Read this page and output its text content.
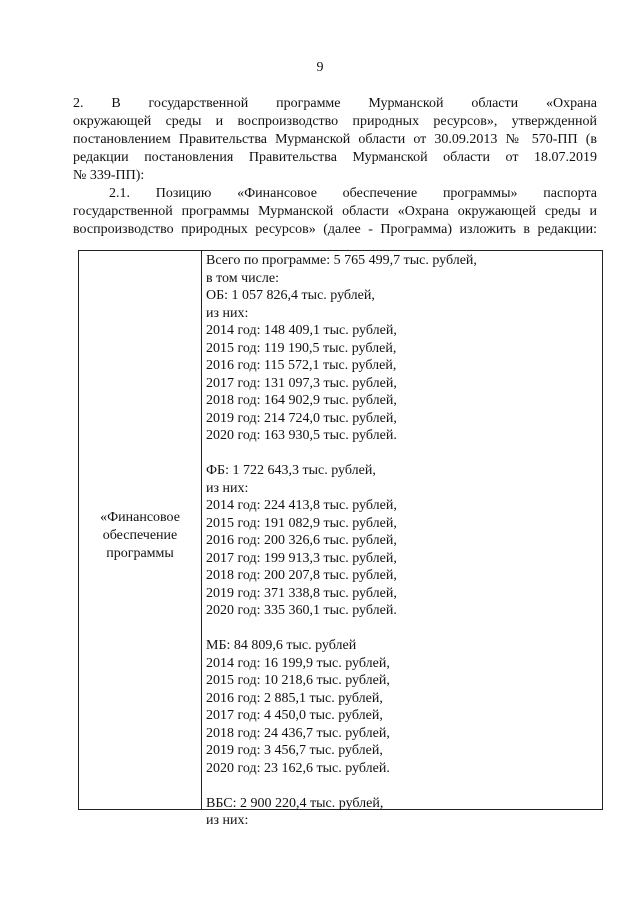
9

2. В государственной программе Мурманской области «Охрана
окружающей среды и воспроизводство природных ресурсов», утвержденной
постановлением Правительства Мурманской области от 30.09.2013 № 570-ПП (в
редакции постановления Правительства Мурманской области от 18.07.2019
№ 339-ПП):

2.1. Позицию «Финансовое обеспечение программы» паспорта
государственной программы Мурманской области «Охрана окружающей среды и
воспроизводство природных ресурсов» (далее - Программа) изложить в редакции:

«Финансовое
обеспечение
программы
Всего по программе: 5 765 499,7 тыс. рублей,
в том числе:
ОБ: 1 057 826,4 тыс. рублей,
из них:
2014 год: 148 409,1 тыс. рублей,
2015 год: 119 190,5 тыс. рублей,
2016 год: 115 572,1 тыс. рублей,
2017 год: 131 097,3 тыс. рублей,
2018 год: 164 902,9 тыс. рублей,
2019 год: 214 724,0 тыс. рублей,
2020 год: 163 930,5 тыс. рублей.
ФБ: 1 722 643,3 тыс. рублей,
из них:
2014 год: 224 413,8 тыс. рублей,
2015 год: 191 082,9 тыс. рублей,
2016 год: 200 326,6 тыс. рублей,
2017 год: 199 913,3 тыс. рублей,
2018 год: 200 207,8 тыс. рублей,
2019 год: 371 338,8 тыс. рублей,
2020 год: 335 360,1 тыс. рублей.
МБ: 84 809,6 тыс. рублей
2014 год: 16 199,9 тыс. рублей,
2015 год: 10 218,6 тыс. рублей,
2016 год: 2 885,1 тыс. рублей,
2017 год: 4 450,0 тыс. рублей,
2018 год: 24 436,7 тыс. рублей,
2019 год: 3 456,7 тыс. рублей,
2020 год: 23 162,6 тыс. рублей.
ВБС: 2 900 220,4 тыс. рублей,
из них:
